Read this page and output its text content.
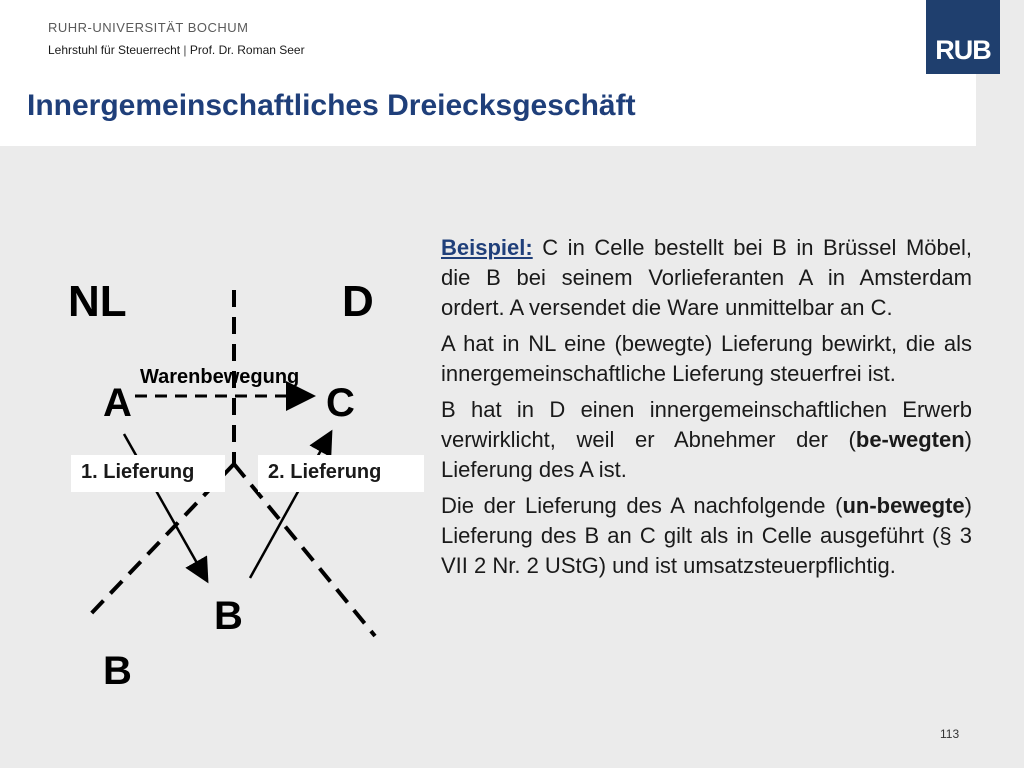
RUHR-UNIVERSITÄT BOCHUM
Lehrstuhl für Steuerrecht | Prof. Dr. Roman Seer
Innergemeinschaftliches Dreiecksgeschäft
RUB
NL	D
A	C
Warenbewegung
B
B
1. Lieferung	2. Lieferung

Beispiel: C in Celle bestellt bei B in Brüssel Möbel, die B bei seinem Vorlieferanten A in Amsterdam ordert. A versendet die Ware unmittelbar an C.

A hat in NL eine (bewegte) Lieferung bewirkt, die als innergemeinschaftliche Lieferung steuerfrei ist.

B hat in D einen innergemeinschaftlichen Erwerb verwirklicht, weil er Abnehmer der (be-wegten) Lieferung des A ist.

Die der Lieferung des A nachfolgende (un-bewegte) Lieferung des B an C gilt als in Celle ausgeführt (§ 3 VII 2 Nr. 2 UStG) und ist umsatzsteuerpflichtig.

113
